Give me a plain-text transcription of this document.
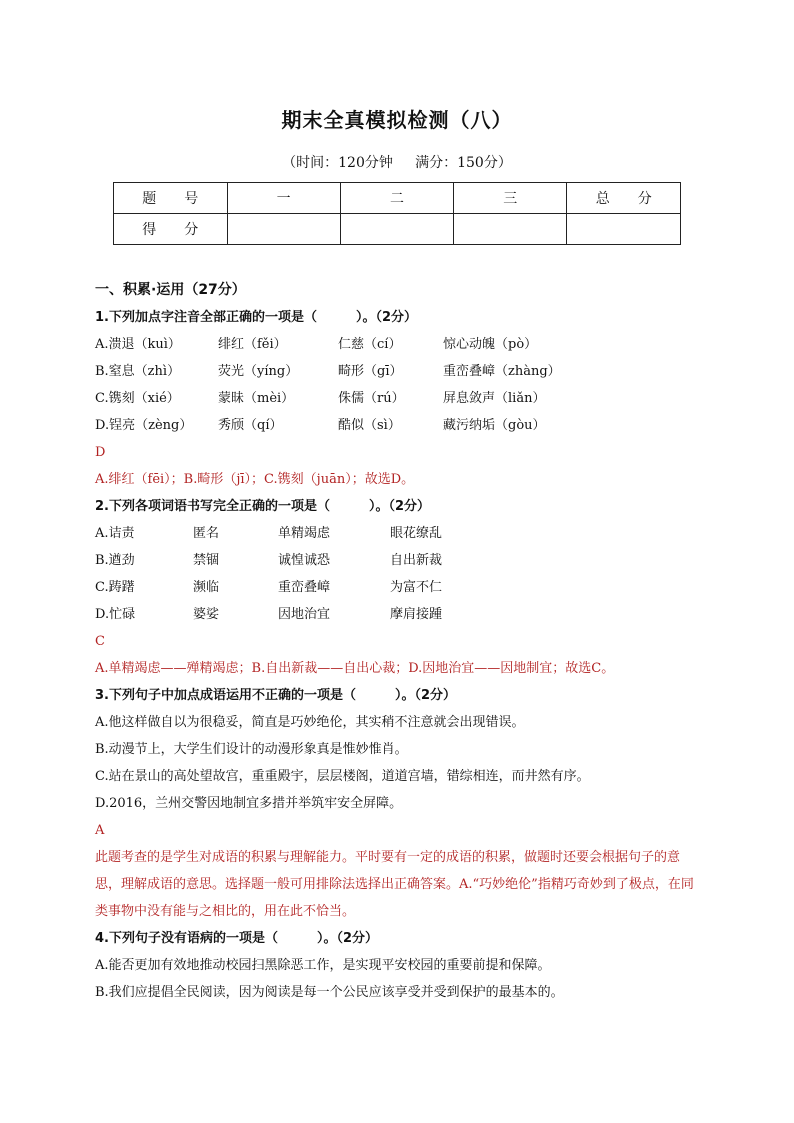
期末全真模拟检测（八）
（时间：120分钟     满分：150分）
题　　号	一	二	三	总　　分
得　　分				
一、积累·运用（27分）
1.下列加点字注音全部正确的一项是（　　　）。（2分）
A.溃退（kuì）	绯红（fěi）	仁慈（cí）	惊心动魄（pò）
B.窒息（zhì）	荧光（yíng）	畸形（gī）	重峦叠嶂（zhàng）
C.镌刻（xié）	蒙昧（mèi）	侏儒（rú）	屏息敛声（liǎn）
D.锃亮（zèng）	秀颀（qí）	酷似（sì）	藏污纳垢（gòu）
D
A.绯红（fēi）；B.畸形（jī）；C.镌刻（juān）；故选D。
2.下列各项词语书写完全正确的一项是（　　　）。（2分）
A.诘责	匿名	单精竭虑	眼花缭乱
B.遒劲	禁锢	诚惶诚恐	自出新裁
C.踌躇	濒临	重峦叠嶂	为富不仁
D.忙碌	婆娑	因地治宜	摩肩接踵
C
A.单精竭虑——殚精竭虑；B.自出新裁——自出心裁；D.因地治宜——因地制宜；故选C。
3.下列句子中加点成语运用不正确的一项是（　　　）。（2分）
A.他这样做自以为很稳妥，简直是巧妙绝伦，其实稍不注意就会出现错误。
B.动漫节上，大学生们设计的动漫形象真是惟妙惟肖。
C.站在景山的高处望故宫，重重殿宇，层层楼阁，道道宫墙，错综相连，而井然有序。
D.2016，兰州交警因地制宜多措并举筑牢安全屏障。
A
此题考查的是学生对成语的积累与理解能力。平时要有一定的成语的积累，做题时还要会根据句子的意思，理解成语的意思。选择题一般可用排除法选择出正确答案。A.“巧妙绝伦”指精巧奇妙到了极点，在同类事物中没有能与之相比的，用在此不恰当。
4.下列句子没有语病的一项是（　　　）。（2分）
A.能否更加有效地推动校园扫黑除恶工作，是实现平安校园的重要前提和保障。
B.我们应提倡全民阅读，因为阅读是每一个公民应该享受并受到保护的最基本的。
